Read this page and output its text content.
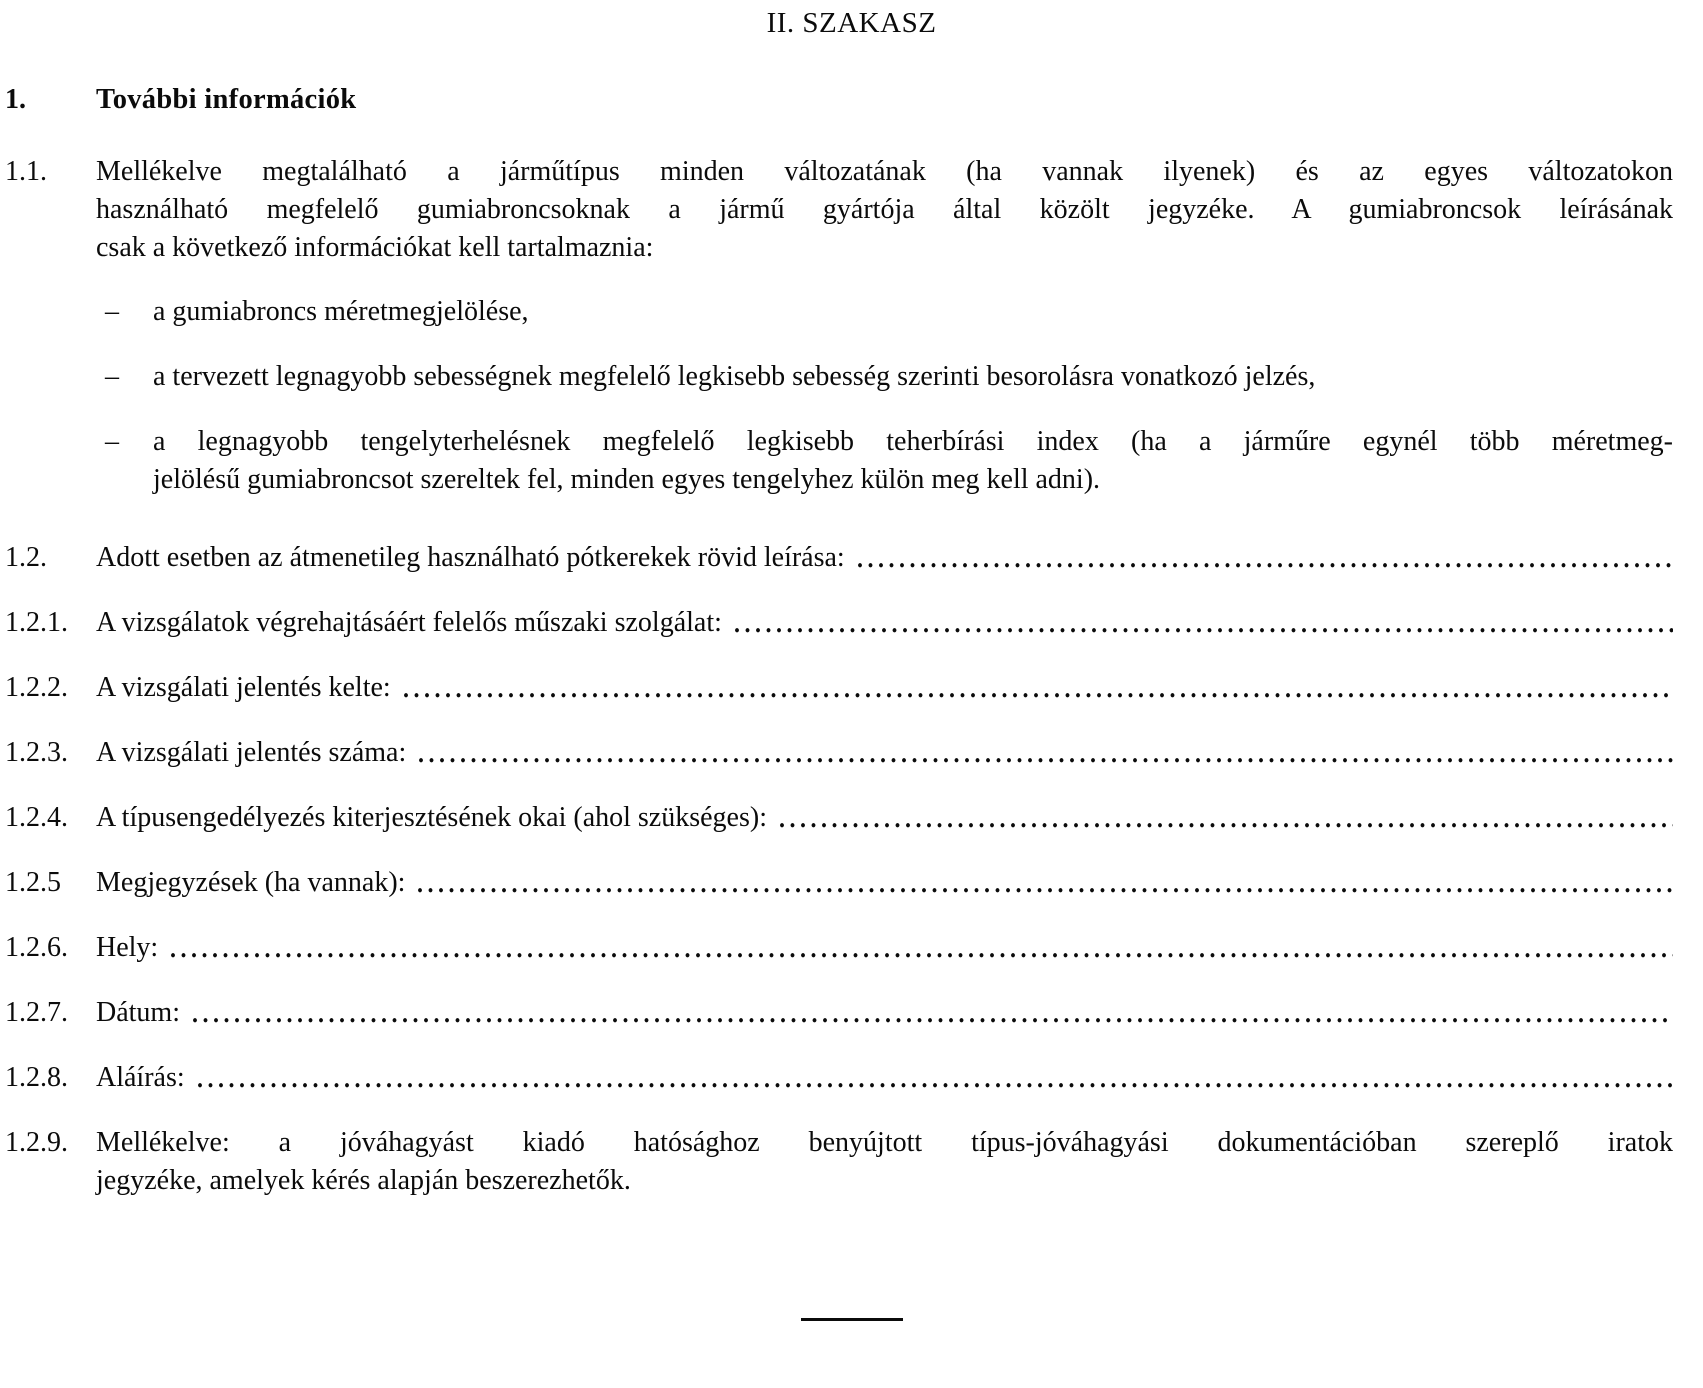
II. SZAKASZ
1.	További információk
1.1.	Mellékelve megtalálható a járműtípus minden változatának (ha vannak ilyenek) és az egyes változatokon
használható megfelelő gumiabroncsoknak a jármű gyártója által közölt jegyzéke. A gumiabroncsok leírásának
csak a következő információkat kell tartalmaznia:
–	a gumiabroncs méretmegjelölése,
–	a tervezett legnagyobb sebességnek megfelelő legkisebb sebesség szerinti besorolásra vonatkozó jelzés,
–	a legnagyobb tengelyterhelésnek megfelelő legkisebb teherbírási index (ha a járműre egynél több méretmeg-
jelölésű gumiabroncsot szereltek fel, minden egyes tengelyhez külön meg kell adni).
1.2.	Adott esetben az átmenetileg használható pótkerekek rövid leírása:
1.2.1.	A vizsgálatok végrehajtásáért felelős műszaki szolgálat:
1.2.2.	A vizsgálati jelentés kelte:
1.2.3.	A vizsgálati jelentés száma:
1.2.4.	A típusengedélyezés kiterjesztésének okai (ahol szükséges):
1.2.5	Megjegyzések (ha vannak):
1.2.6.	Hely:
1.2.7.	Dátum:
1.2.8.	Aláírás:
1.2.9.	Mellékelve: a jóváhagyást kiadó hatósághoz benyújtott típus-jóváhagyási dokumentációban szereplő iratok
jegyzéke, amelyek kérés alapján beszerezhetők.
